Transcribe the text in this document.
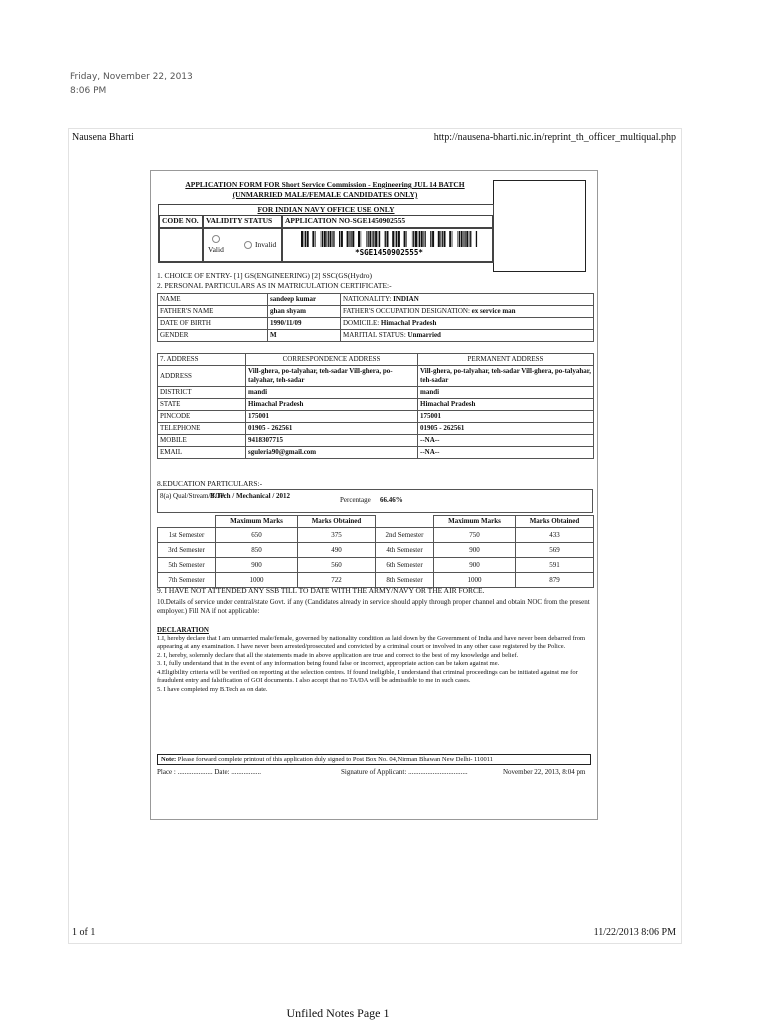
Friday, November 22, 2013
8:06 PM
Nausena Bharti	http://nausena-bharti.nic.in/reprint_th_officer_multiqual.php
APPLICATION FORM FOR Short Service Commission - Engineering JUL 14 BATCH
(UNMARRIED MALE/FEMALE CANDIDATES ONLY)
FOR INDIAN NAVY OFFICE USE ONLY
CODE NO. VALIDITY STATUS	APPLICATION NO-SGE1450902555
Valid
Invalid
*SGE1450902555*
1. CHOICE OF ENTRY- [1] GS(ENGINEERING) [2] SSC(GS(Hydro)
2. PERSONAL PARTICULARS AS IN MATRICULATION CERTIFICATE:-
NAME	sandeep kumar	NATIONALITY: INDIAN
FATHER'S NAME	ghan shyam	FATHER'S OCCUPATION DESIGNATION: ex service man
DATE OF BIRTH	1990/11/09	DOMICILE: Himachal Pradesh
GENDER	M	MARITIAL STATUS: Unmarried
7. ADDRESS	CORRESPONDENCE ADDRESS	PERMANENT ADDRESS
ADDRESS	Vill-ghera, po-talyahar, teh-sadar Vill-ghera, po-talyahar, teh-sadar	Vill-ghera, po-talyahar, teh-sadar Vill-ghera, po-talyahar, teh-sadar
DISTRICT	mandi	mandi
STATE	Himachal Pradesh	Himachal Pradesh
PINCODE	175001	175001
TELEPHONE	01905 - 262561	01905 - 262561
MOBILE	9418307715	--NA--
EMAIL	sguleria90@gmail.com	--NA--
8.EDUCATION PARTICULARS:-
8(a) Qual/Stream/YOP:
B.Tech / Mechanical / 2012	Percentage 66.46%
	Maximum Marks	Marks Obtained		Maximum Marks	Marks Obtained
1st Semester	650	375	2nd Semester	750	433
3rd Semester	850	490	4th Semester	900	569
5th Semester	900	560	6th Semester	900	591
7th Semester	1000	722	8th Semester	1000	879
9. I HAVE NOT ATTENDED ANY SSB TILL TO DATE WITH THE ARMY/NAVY OR THE AIR FORCE.
10.Details of service under central/state Govt. if any (Candidates already in service should apply through proper channel and obtain NOC from the present employer.) Fill NA if not applicable:
DECLARATION
1.I, hereby declare that I am unmarried male/female, governed by nationality condition as laid down by the Government of India and have never been debarred from appearing at any examination. I have never been arrested/prosecuted and convicted by a criminal court or involved in any other case registered by the Police.
2. I, hereby, solemnly declare that all the statements made in above application are true and correct to the best of my knowledge and belief.
3. I, fully understand that in the event of any information being found false or incorrect, appropriate action can be taken against me.
4.Eligibility criteria will be verified on reporting at the selection centres. If found ineligible, I understand that criminal proceedings can be initiated against me for fraudulent entry and falsification of GOI documents. I also accept that no TA/DA will be admissible to me in such cases.
5. I have completed my B.Tech as on date.
Note: Please forward complete printout of this application duly signed to Post Box No. 04,Nirman Bhawan New Delhi- 110011
Place : .................... Date: .................	Signature of Applicant: ..................................	November 22, 2013, 8:04 pm
1 of 1	11/22/2013 8:06 PM
Unfiled Notes Page 1
